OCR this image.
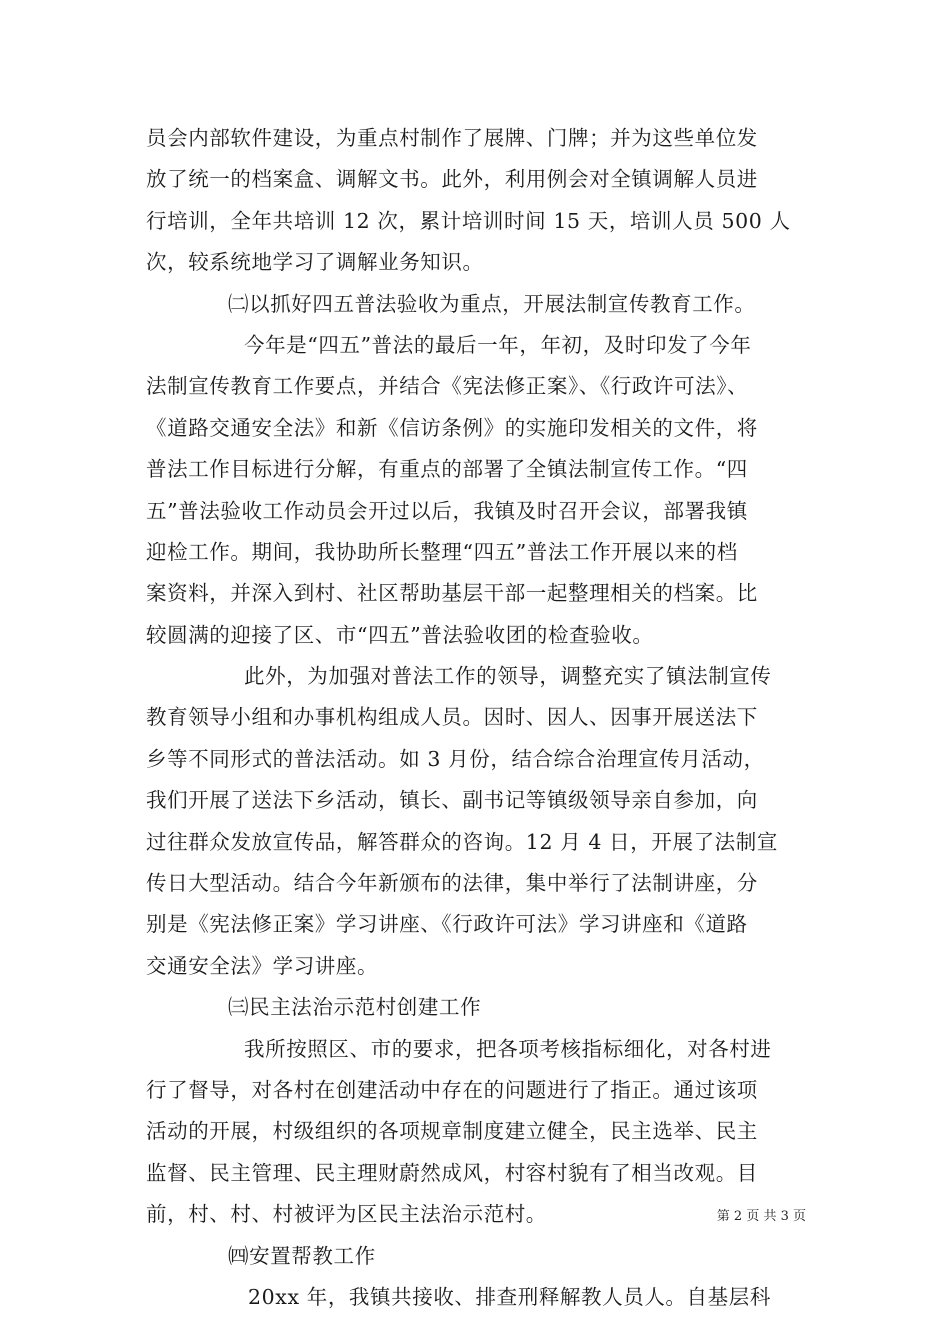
员会内部软件建设，为重点村制作了展牌、门牌；并为这些单位发
放了统一的档案盒、调解文书。此外，利用例会对全镇调解人员进
行培训，全年共培训 12 次，累计培训时间 15 天，培训人员 500 人
次，较系统地学习了调解业务知识。
㈡以抓好四五普法验收为重点，开展法制宣传教育工作。
今年是“四五”普法的最后一年，年初，及时印发了今年
法制宣传教育工作要点，并结合《宪法修正案》、《行政许可法》、
《道路交通安全法》和新《信访条例》的实施印发相关的文件，将
普法工作目标进行分解，有重点的部署了全镇法制宣传工作。“四
五”普法验收工作动员会开过以后，我镇及时召开会议，部署我镇
迎检工作。期间，我协助所长整理“四五”普法工作开展以来的档
案资料，并深入到村、社区帮助基层干部一起整理相关的档案。比
较圆满的迎接了区、市“四五”普法验收团的检查验收。
此外，为加强对普法工作的领导，调整充实了镇法制宣传
教育领导小组和办事机构组成人员。因时、因人、因事开展送法下
乡等不同形式的普法活动。如 3 月份，结合综合治理宣传月活动，
我们开展了送法下乡活动，镇长、副书记等镇级领导亲自参加，向
过往群众发放宣传品，解答群众的咨询。12 月 4 日，开展了法制宣
传日大型活动。结合今年新颁布的法律，集中举行了法制讲座，分
别是《宪法修正案》学习讲座、《行政许可法》学习讲座和《道路
交通安全法》学习讲座。
㈢民主法治示范村创建工作
我所按照区、市的要求，把各项考核指标细化，对各村进
行了督导，对各村在创建活动中存在的问题进行了指正。通过该项
活动的开展，村级组织的各项规章制度建立健全，民主选举、民主
监督、民主管理、民主理财蔚然成风，村容村貌有了相当改观。目
前，村、村、村被评为区民主法治示范村。
㈣安置帮教工作
20xx 年，我镇共接收、排查刑释解教人员人。自基层科
第 2 页 共 3 页
